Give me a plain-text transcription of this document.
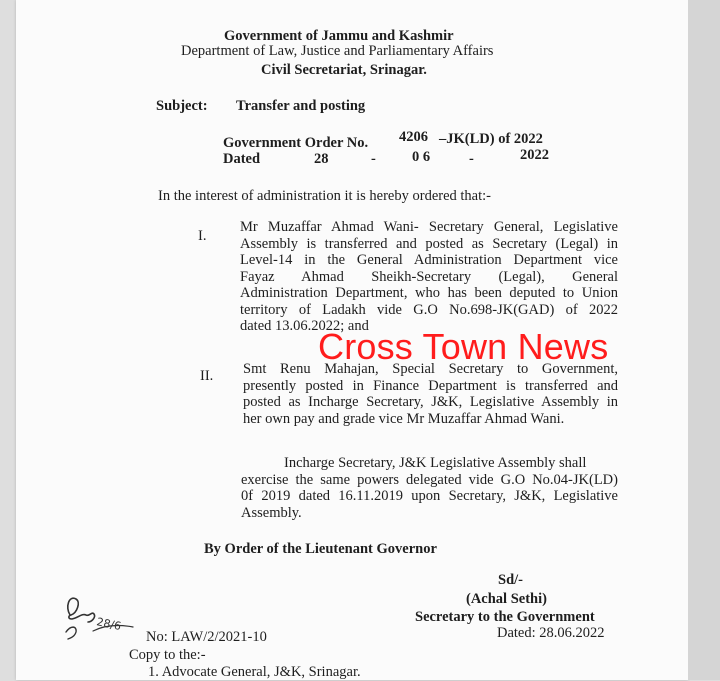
Government of Jammu and Kashmir
Department of Law, Justice and Parliamentary Affairs
Civil Secretariat, Srinagar.
Subject: Transfer and posting
Government Order No. 4206 –JK(LD) of 2022
Dated	28	- 0 6	-	2022
In the interest of administration it is hereby ordered that:-
I.
Mr Muzaffar Ahmad Wani- Secretary General, Legislative
Assembly is transferred and posted as Secretary (Legal) in
Level-14 in the General Administration Department vice
Fayaz Ahmad Sheikh-Secretary (Legal), General
Administration Department, who has been deputed to Union
territory of Ladakh vide G.O No.698-JK(GAD) of 2022
dated 13.06.2022; and
II. Smt Renu Mahajan, Special Secretary to Government,
presently posted in Finance Department is transferred and
posted as Incharge Secretary, J&K, Legislative Assembly in
her own pay and grade vice Mr Muzaffar Ahmad Wani.
Incharge Secretary, J&K Legislative Assembly shall
exercise the same powers delegated vide G.O No.04-JK(LD)
0f 2019 dated 16.11.2019 upon Secretary, J&K, Legislative
Assembly.
Cross Town News
By Order of the Lieutenant Governor
Sd/-
(Achal Sethi)
Secretary to the Government
Dated: 28.06.2022
28/6
No: LAW/2/2021-10
Copy to the:-
1. Advocate General, J&K, Srinagar.
